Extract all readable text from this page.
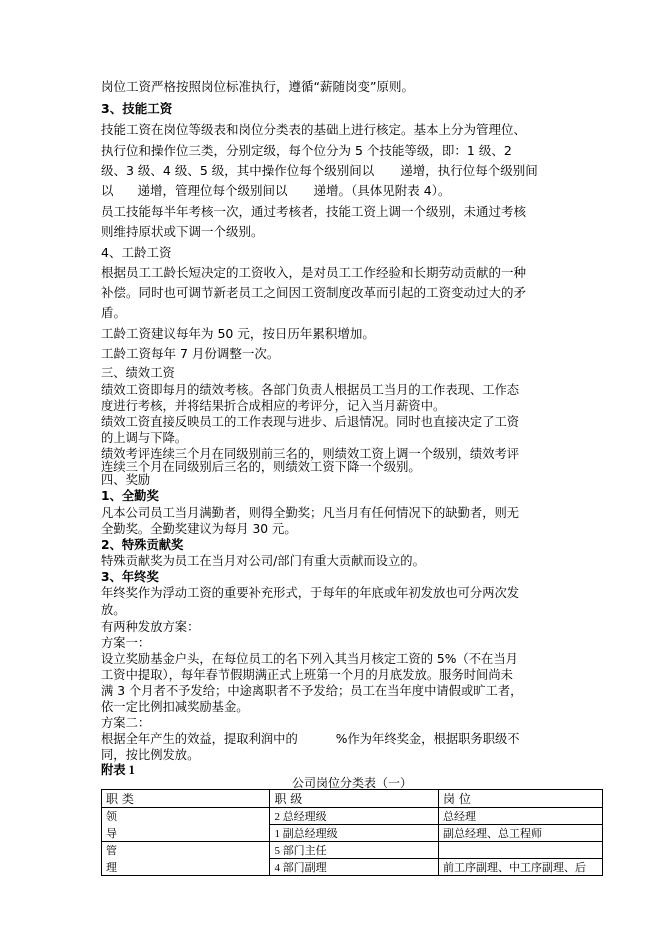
岗位工资严格按照岗位标准执行，遵循“薪随岗变”原则。
3、技能工资
技能工资在岗位等级表和岗位分类表的基础上进行核定。基本上分为管理位、
执行位和操作位三类，分别定级，每个位分为 5 个技能等级，即：1 级、2
级、3 级、4 级、5 级，其中操作位每个级别间以 递增，执行位每个级别间
以 递增，管理位每个级别间以 递增。（具体见附表 4）。
员工技能每半年考核一次，通过考核者，技能工资上调一个级别，未通过考核
则维持原状或下调一个级别。
4、工龄工资
根据员工工龄长短决定的工资收入，是对员工工作经验和长期劳动贡献的一种
补偿。同时也可调节新老员工之间因工资制度改革而引起的工资变动过大的矛
盾。
工龄工资建议每年为 50 元，按日历年累积增加。
工龄工资每年 7 月份调整一次。
三、绩效工资
绩效工资即每月的绩效考核。各部门负责人根据员工当月的工作表现、工作态
度进行考核，并将结果折合成相应的考评分，记入当月薪资中。
绩效工资直接反映员工的工作表现与进步、后退情况。同时也直接决定了工资
的上调与下降。
绩效考评连续三个月在同级别前三名的，则绩效工资上调一个级别，绩效考评
连续三个月在同级别后三名的，则绩效工资下降一个级别。
四、奖励
1、全勤奖
凡本公司员工当月满勤者，则得全勤奖；凡当月有任何情况下的缺勤者，则无
全勤奖。全勤奖建议为每月 30 元。
2、特殊贡献奖
特殊贡献奖为员工在当月对公司/部门有重大贡献而设立的。
3、年终奖
年终奖作为浮动工资的重要补充形式，于每年的年底或年初发放也可分两次发
放。
有两种发放方案：
方案一：
设立奖励基金户头，在每位员工的名下列入其当月核定工资的 5%（不在当月
工资中提取），每年春节假期满正式上班第一个月的月底发放。服务时间尚未
满 3 个月者不予发给；中途离职者不予发给；员工在当年度中请假或旷工者，
依一定比例扣减奖励基金。
方案二：
根据全年产生的效益，提取利润中的	%作为年终奖金，根据职务职级不
同，按比例发放。
附表 1
公司岗位分类表（一）
职 类	职 级	岗 位
领	2 总经理级	总经理
导	1 副总经理级	副总经理、总工程师
管	5 部门主任	
理	4 部门副理	前工序副理、中工序副理、后
